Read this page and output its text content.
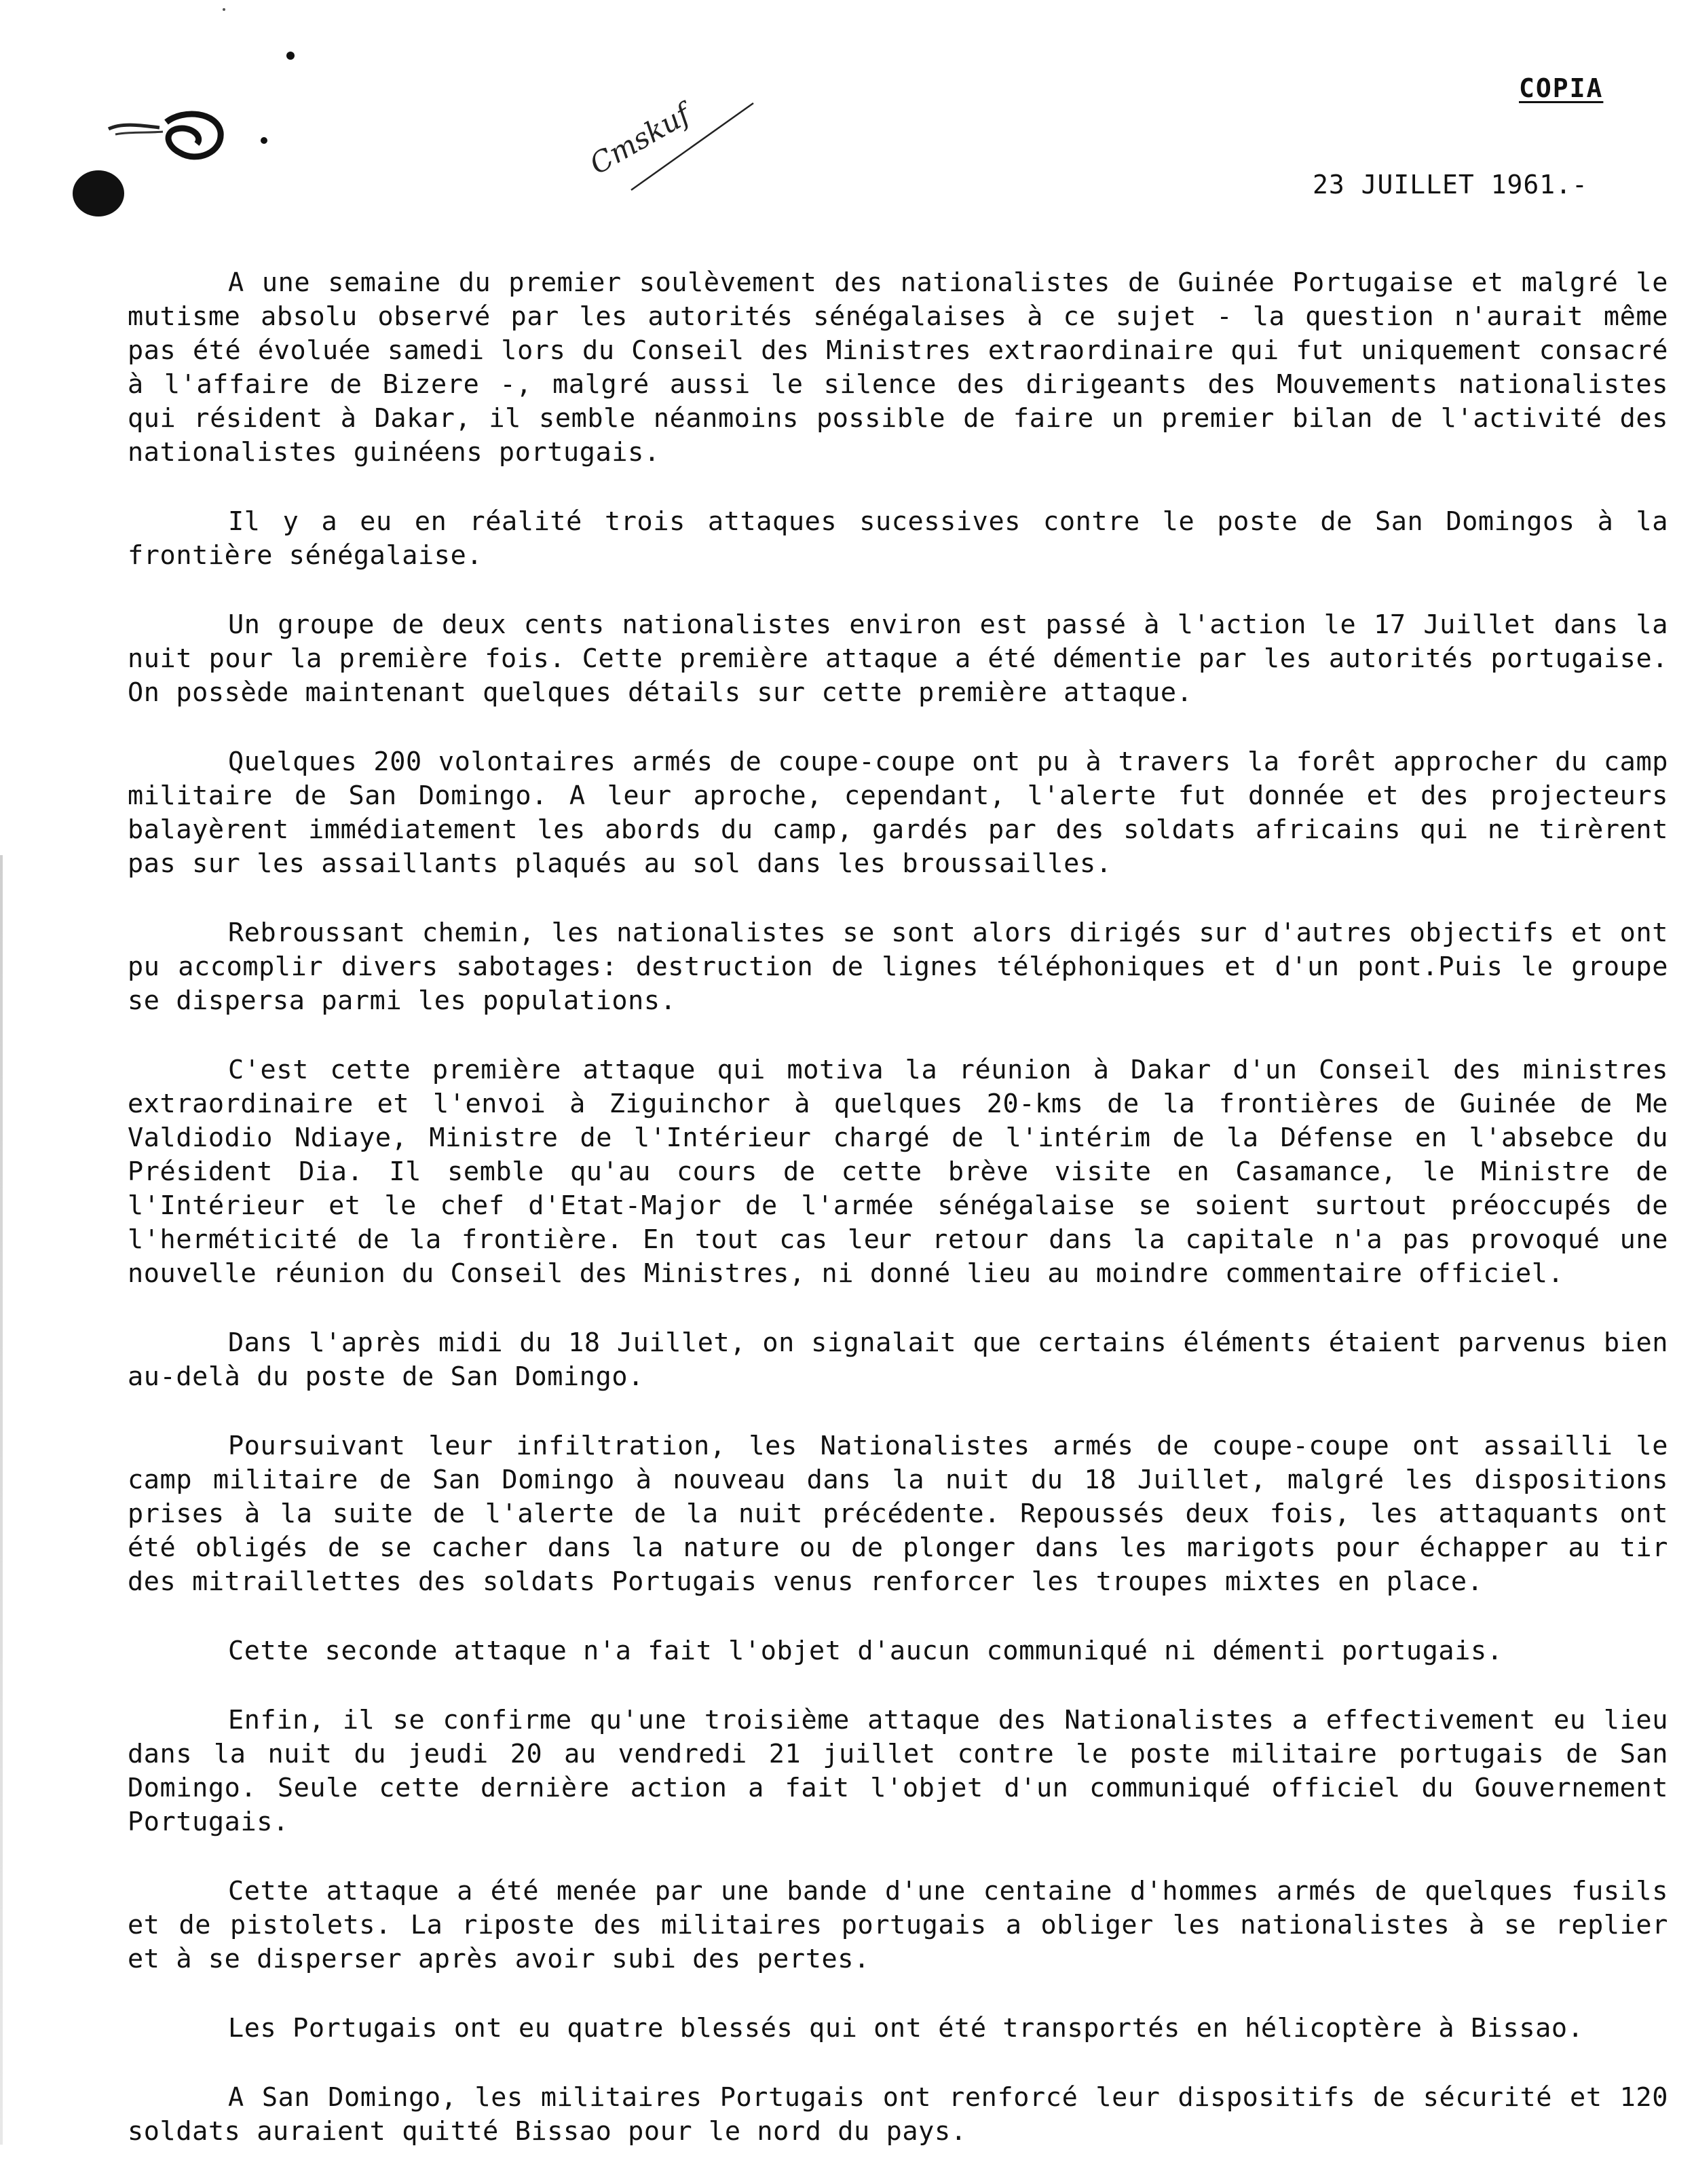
Cmskuf
COPIA
23 JUILLET 1961.-

A une semaine du premier soulèvement des nationalistes de Guinée Portugaise et malgré le mutisme absolu observé par les autorités sénégalaises à ce sujet - la question n'aurait même pas été évoluée samedi lors du Conseil des Ministres extraordinaire qui fut uniquement consacré à l'affaire de Bizere -, malgré aussi le silence des dirigeants des Mouvements nationalistes qui résident à Dakar, il semble néanmoins possible de faire un premier bilan de l'activité des nationalistes guinéens portugais.

Il y a eu en réalité trois attaques sucessives contre le poste de San Domingos à la frontière sénégalaise.

Un groupe de deux cents nationalistes environ est passé à l'action le 17 Juillet dans la nuit pour la première fois. Cette première attaque a été démentie par les autorités portugaise. On possède maintenant quelques détails sur cette première attaque.

Quelques 200 volontaires armés de coupe-coupe ont pu à travers la forêt approcher du camp militaire de San Domingo. A leur aproche, cependant, l'alerte fut donnée et des projecteurs balayèrent immédiatement les abords du camp, gardés par des soldats africains qui ne tirèrent pas sur les assaillants plaqués au sol dans les broussailles.

Rebroussant chemin, les nationalistes se sont alors dirigés sur d'autres objectifs et ont pu accomplir divers sabotages: destruction de lignes téléphoniques et d'un pont.Puis le groupe se dispersa parmi les populations.

C'est cette première attaque qui motiva la réunion à Dakar d'un Conseil des ministres extraordinaire et l'envoi à Ziguinchor à quelques 20-kms de la frontières de Guinée de Me Valdiodio Ndiaye, Ministre de l'Intérieur chargé de l'intérim de la Défense en l'absebce du Président Dia. Il semble qu'au cours de cette brève visite en Casamance, le Ministre de l'Intérieur et le chef d'Etat-Major de l'armée sénégalaise se soient surtout préoccupés de l'herméticité de la frontière. En tout cas leur retour dans la capitale n'a pas provoqué une nouvelle réunion du Conseil des Ministres, ni donné lieu au moindre commentaire officiel.

Dans l'après midi du 18 Juillet, on signalait que certains éléments étaient parvenus bien au-delà du poste de San Domingo.

Poursuivant leur infiltration, les Nationalistes armés de coupe-coupe ont assailli le camp militaire de San Domingo à nouveau dans la nuit du 18 Juillet, malgré les dispositions prises à la suite de l'alerte de la nuit précédente. Repoussés deux fois, les attaquants ont été obligés de se cacher dans la nature ou de plonger dans les marigots pour échapper au tir des mitraillettes des soldats Portugais venus renforcer les troupes mixtes en place.

Cette seconde attaque n'a fait l'objet d'aucun communiqué ni démenti portugais.

Enfin, il se confirme qu'une troisième attaque des Nationalistes a effectivement eu lieu dans la nuit du jeudi 20 au vendredi 21 juillet contre le poste militaire portugais de San Domingo. Seule cette dernière action a fait l'objet d'un communiqué officiel du Gouvernement Portugais.

Cette attaque a été menée par une bande d'une centaine d'hommes armés de quelques fusils et de pistolets. La riposte des militaires portugais a obliger les nationalistes à se replier et à se disperser après avoir subi des pertes.

Les Portugais ont eu quatre blessés qui ont été transportés en hélicoptère à Bissao.

A San Domingo, les militaires Portugais ont renforcé leur dispositifs de sécurité et 120 soldats auraient quitté Bissao pour le nord du pays.
